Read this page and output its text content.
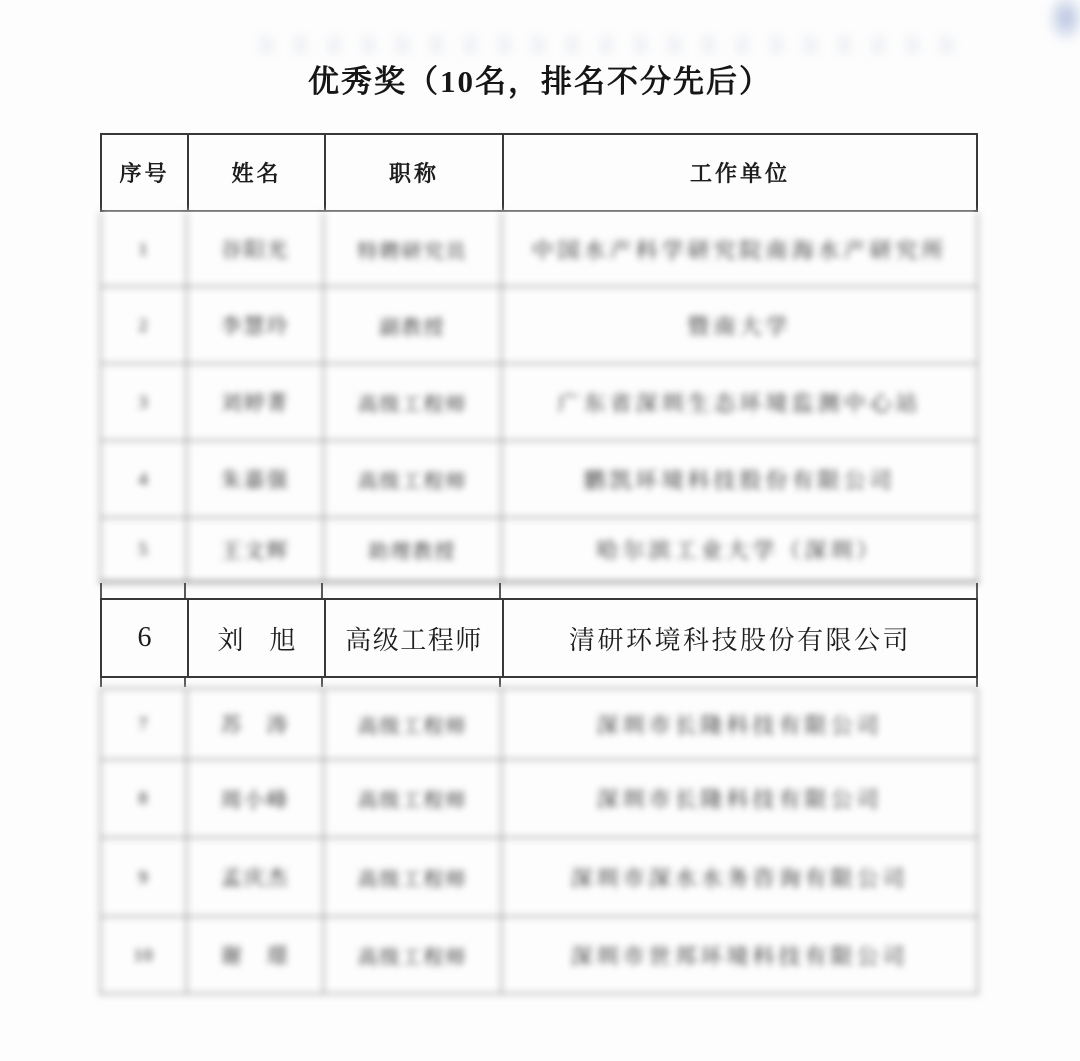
优秀奖（10名，排名不分先后）
序号	姓名	职称	工作单位
1	谷阳光	特聘研究员	中国水产科学研究院南海水产研究所
2	李慧玲	副教授	暨南大学
3	刘婷菁	高级工程师	广东省深圳生态环境监测中心站
4	朱嘉强	高级工程师	鹏凯环境科技股份有限公司
5	王文辉	助理教授	哈尔滨工业大学（深圳）
6	刘　旭	高级工程师	清研环境科技股份有限公司
7	苏　涛	高级工程师	深圳市长隆科技有限公司
8	周小峰	高级工程师	深圳市长隆科技有限公司
9	孟庆杰	高级工程师	深圳市深水水务咨询有限公司
10	谢　璟	高级工程师	深圳市世邦环境科技有限公司
